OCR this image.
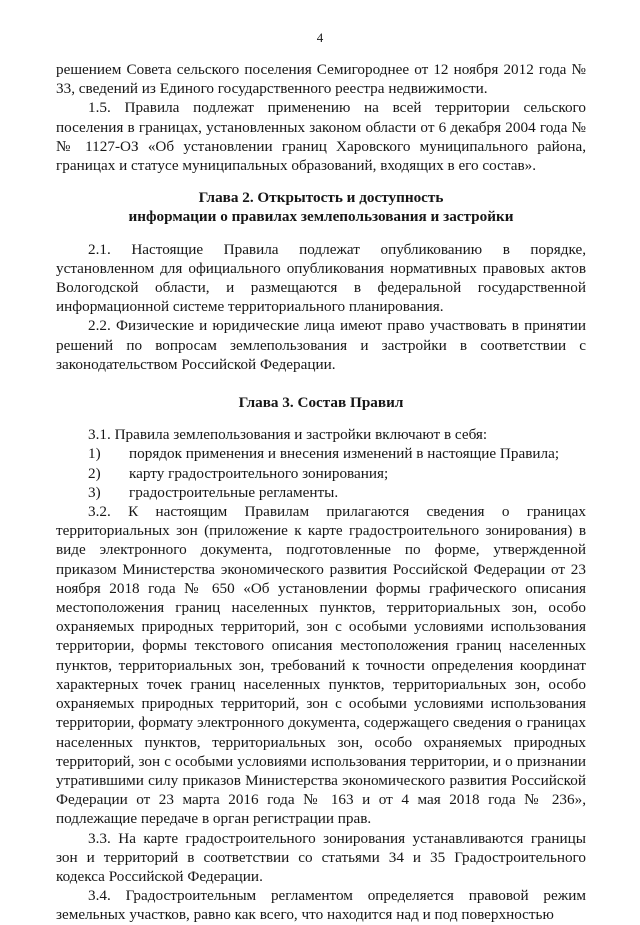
4

решением Совета сельского поселения Семигороднее от 12 ноября 2012 года № 33, сведений из Единого государственного реестра недвижимости.

1.5. Правила подлежат применению на всей территории сельского поселения в границах, установленных законом области от 6 декабря 2004 года № № 1127-ОЗ «Об установлении границ Харовского муниципального района, границах и статусе муниципальных образований, входящих в его состав».

Глава 2. Открытость и доступность

информации о правилах землепользования и застройки

2.1. Настоящие Правила подлежат опубликованию в порядке, установленном для официального опубликования нормативных правовых актов Вологодской области, и размещаются в федеральной государственной информационной системе территориального планирования.

2.2. Физические и юридические лица имеют право участвовать в принятии решений по вопросам землепользования и застройки в соответствии с законодательством Российской Федерации.

Глава 3. Состав Правил

3.1. Правила землепользования и застройки включают в себя:

1) порядок применения и внесения изменений в настоящие Правила;

2) карту градостроительного зонирования;

3) градостроительные регламенты.

3.2. К настоящим Правилам прилагаются сведения о границах территориальных зон (приложение к карте градостроительного зонирования) в виде электронного документа, подготовленные по форме, утвержденной приказом Министерства экономического развития Российской Федерации от 23 ноября 2018 года № 650 «Об установлении формы графического описания местоположения границ населенных пунктов, территориальных зон, особо охраняемых природных территорий, зон с особыми условиями использования территории, формы текстового описания местоположения границ населенных пунктов, территориальных зон, требований к точности определения координат характерных точек границ населенных пунктов, территориальных зон, особо охраняемых природных территорий, зон с особыми условиями использования территории, формату электронного документа, содержащего сведения о границах населенных пунктов, территориальных зон, особо охраняемых природных территорий, зон с особыми условиями использования территории, и о признании утратившими силу приказов Министерства экономического развития Российской Федерации от 23 марта 2016 года № 163 и от 4 мая 2018 года № 236», подлежащие передаче в орган регистрации прав.

3.3. На карте градостроительного зонирования устанавливаются границы зон и территорий в соответствии со статьями 34 и 35 Градостроительного кодекса Российской Федерации.

3.4. Градостроительным регламентом определяется правовой режим земельных участков, равно как всего, что находится над и под поверхностью
